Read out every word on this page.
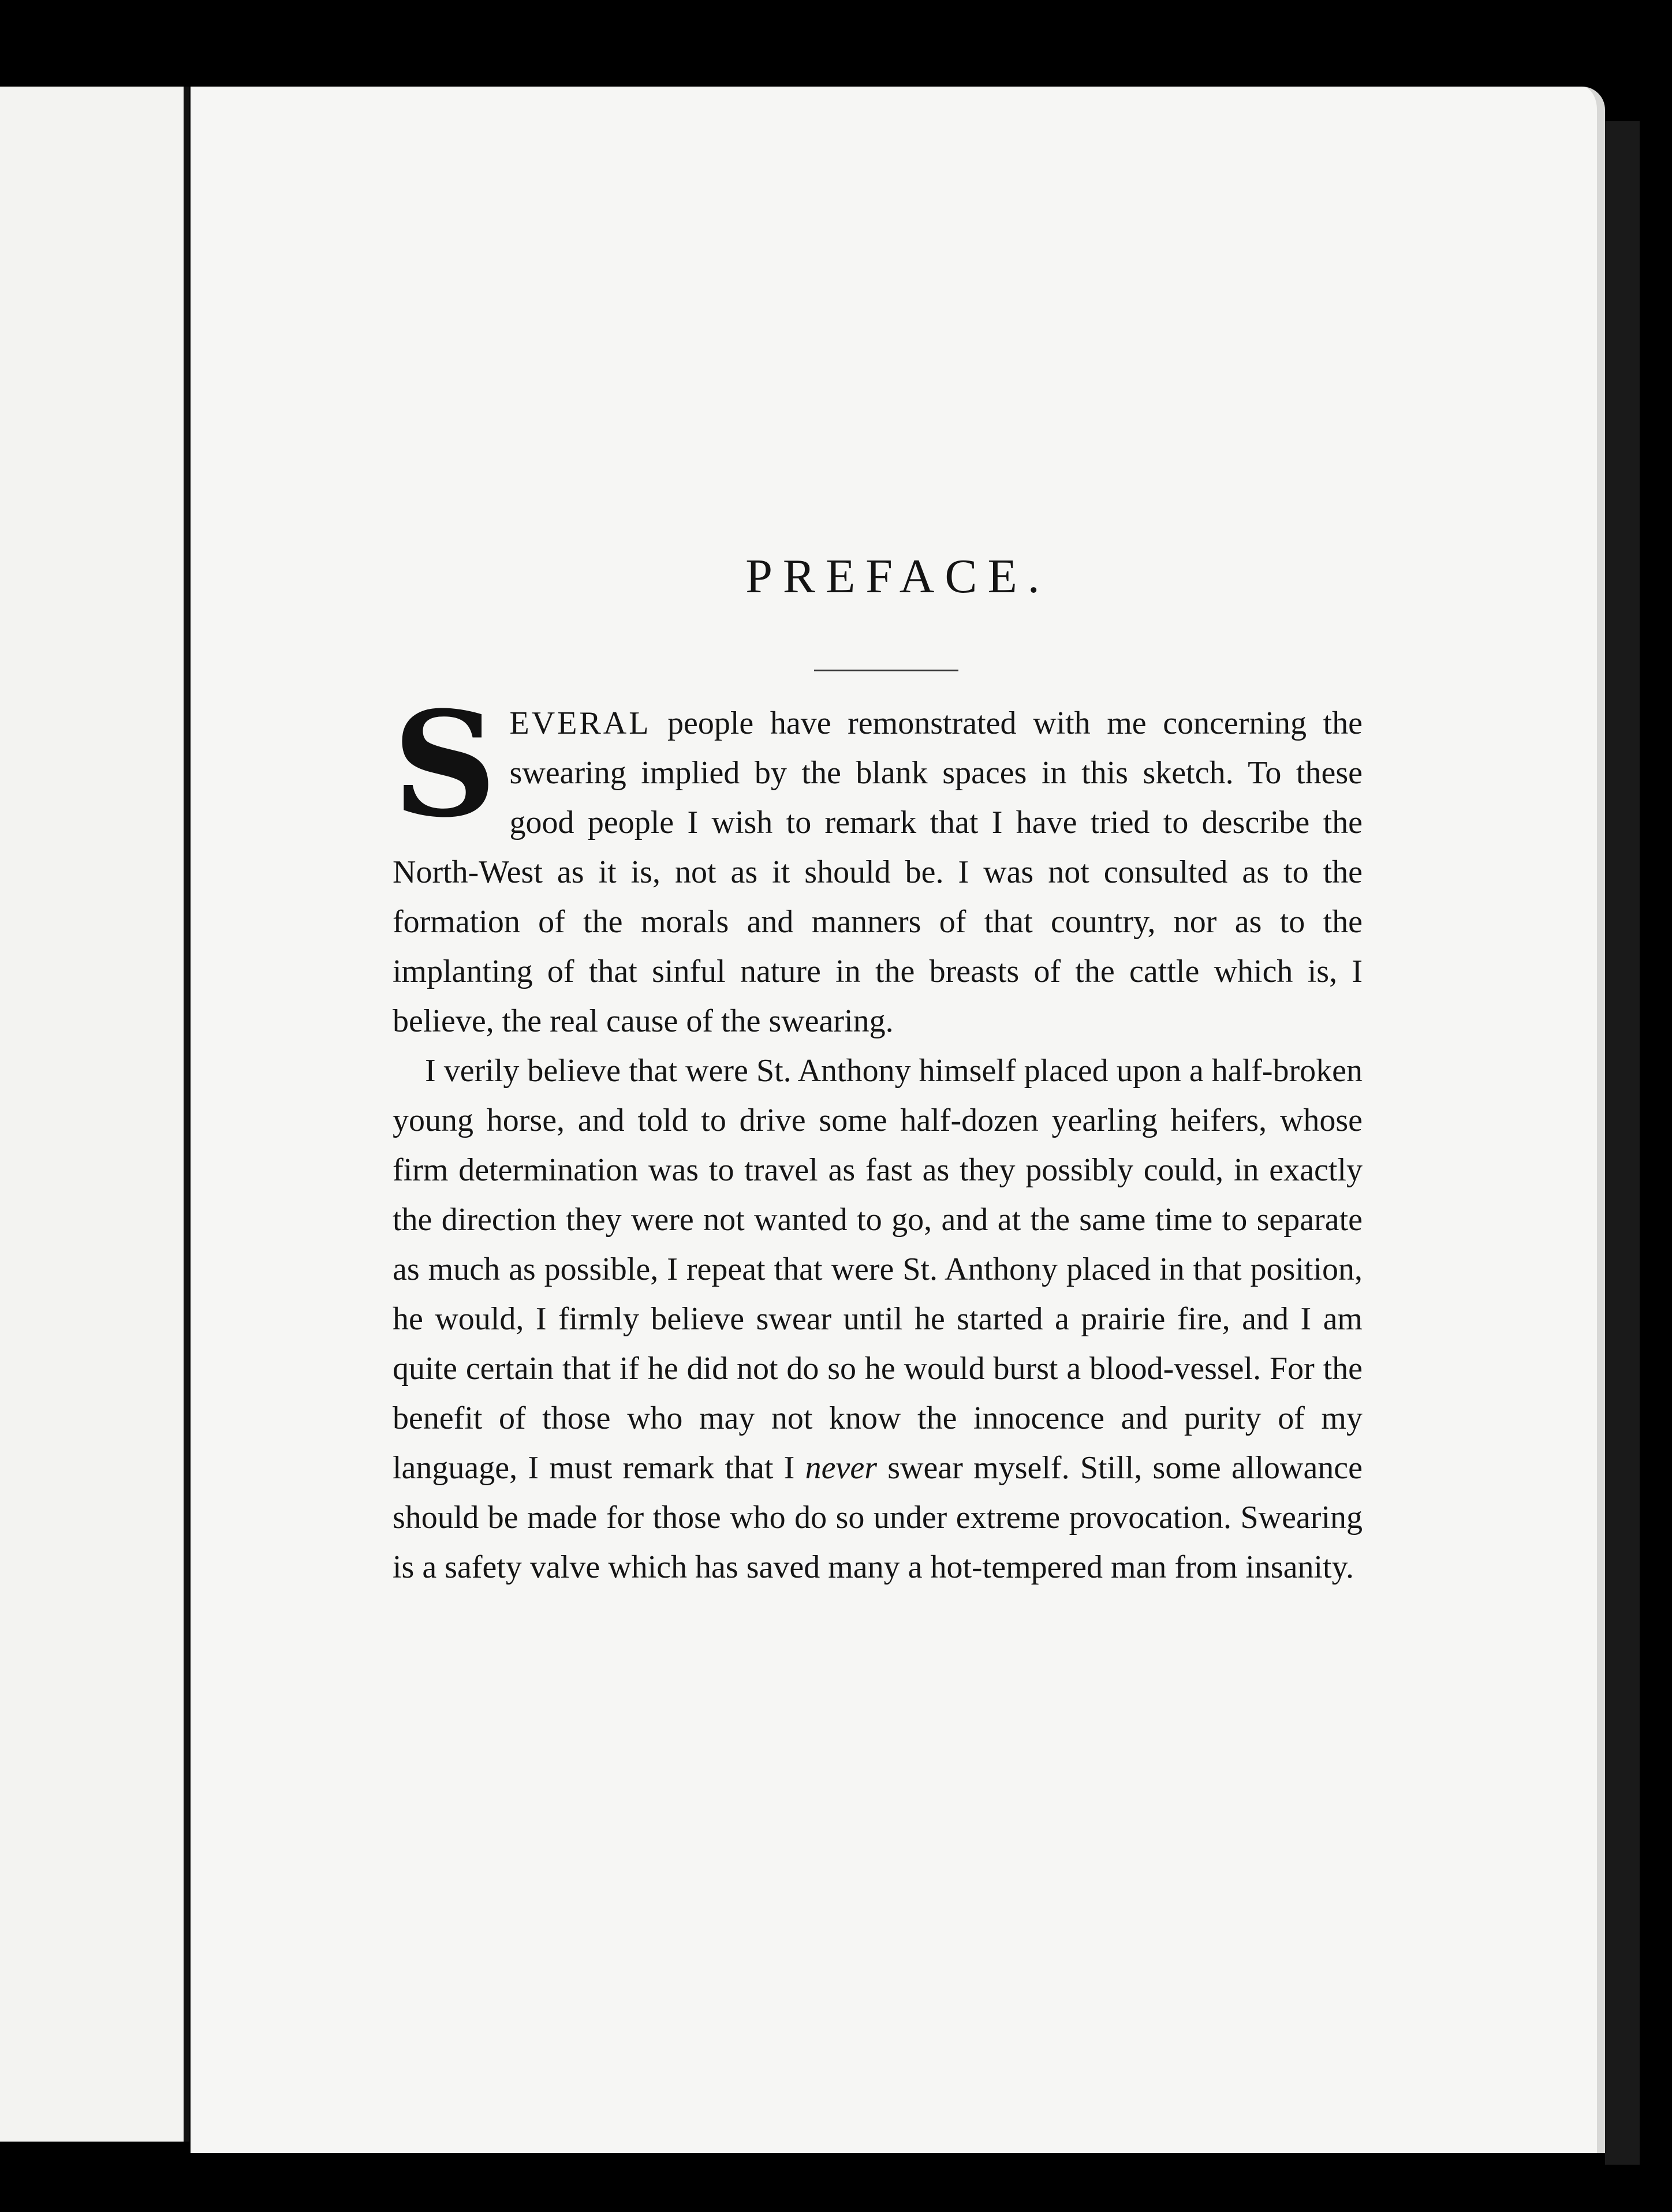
PREFACE.

SEVERAL people have remonstrated with me concerning the swearing implied by the blank spaces in this sketch. To these good people I wish to remark that I have tried to describe the North-West as it is, not as it should be. I was not consulted as to the formation of the morals and manners of that country, nor as to the implanting of that sinful nature in the breasts of the cattle which is, I believe, the real cause of the swearing.

I verily believe that were St. Anthony himself placed upon a half-broken young horse, and told to drive some half-dozen yearling heifers, whose firm determination was to travel as fast as they possibly could, in exactly the direction they were not wanted to go, and at the same time to separate as much as possible, I repeat that were St. Anthony placed in that position, he would, I firmly believe swear until he started a prairie fire, and I am quite certain that if he did not do so he would burst a blood-vessel. For the benefit of those who may not know the innocence and purity of my language, I must remark that I never swear myself. Still, some allowance should be made for those who do so under extreme provocation. Swearing is a safety valve which has saved many a hot-tempered man from insanity.
